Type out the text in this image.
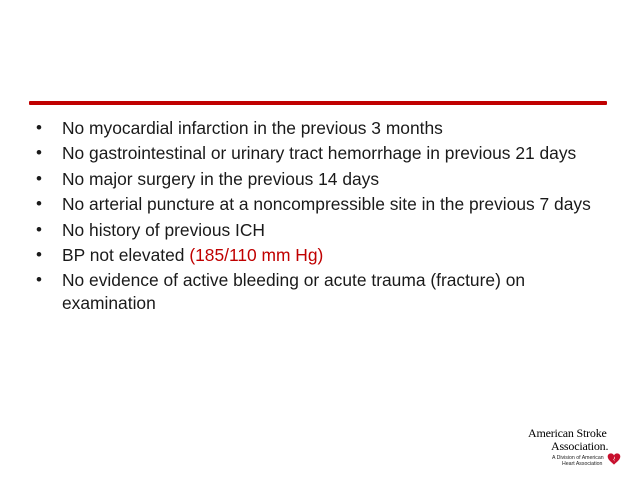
•	No myocardial infarction in the previous 3 months
•	No gastrointestinal or urinary tract hemorrhage in previous 21 days
•	No major surgery in the previous 14 days
•	No arterial puncture at a noncompressible site in the previous 7 days
•	No history of previous ICH
•	BP not elevated (185/110 mm Hg)
•	No evidence of active bleeding or acute trauma (fracture) on examination
American Stroke
Association.
A Division of American
Heart Association
